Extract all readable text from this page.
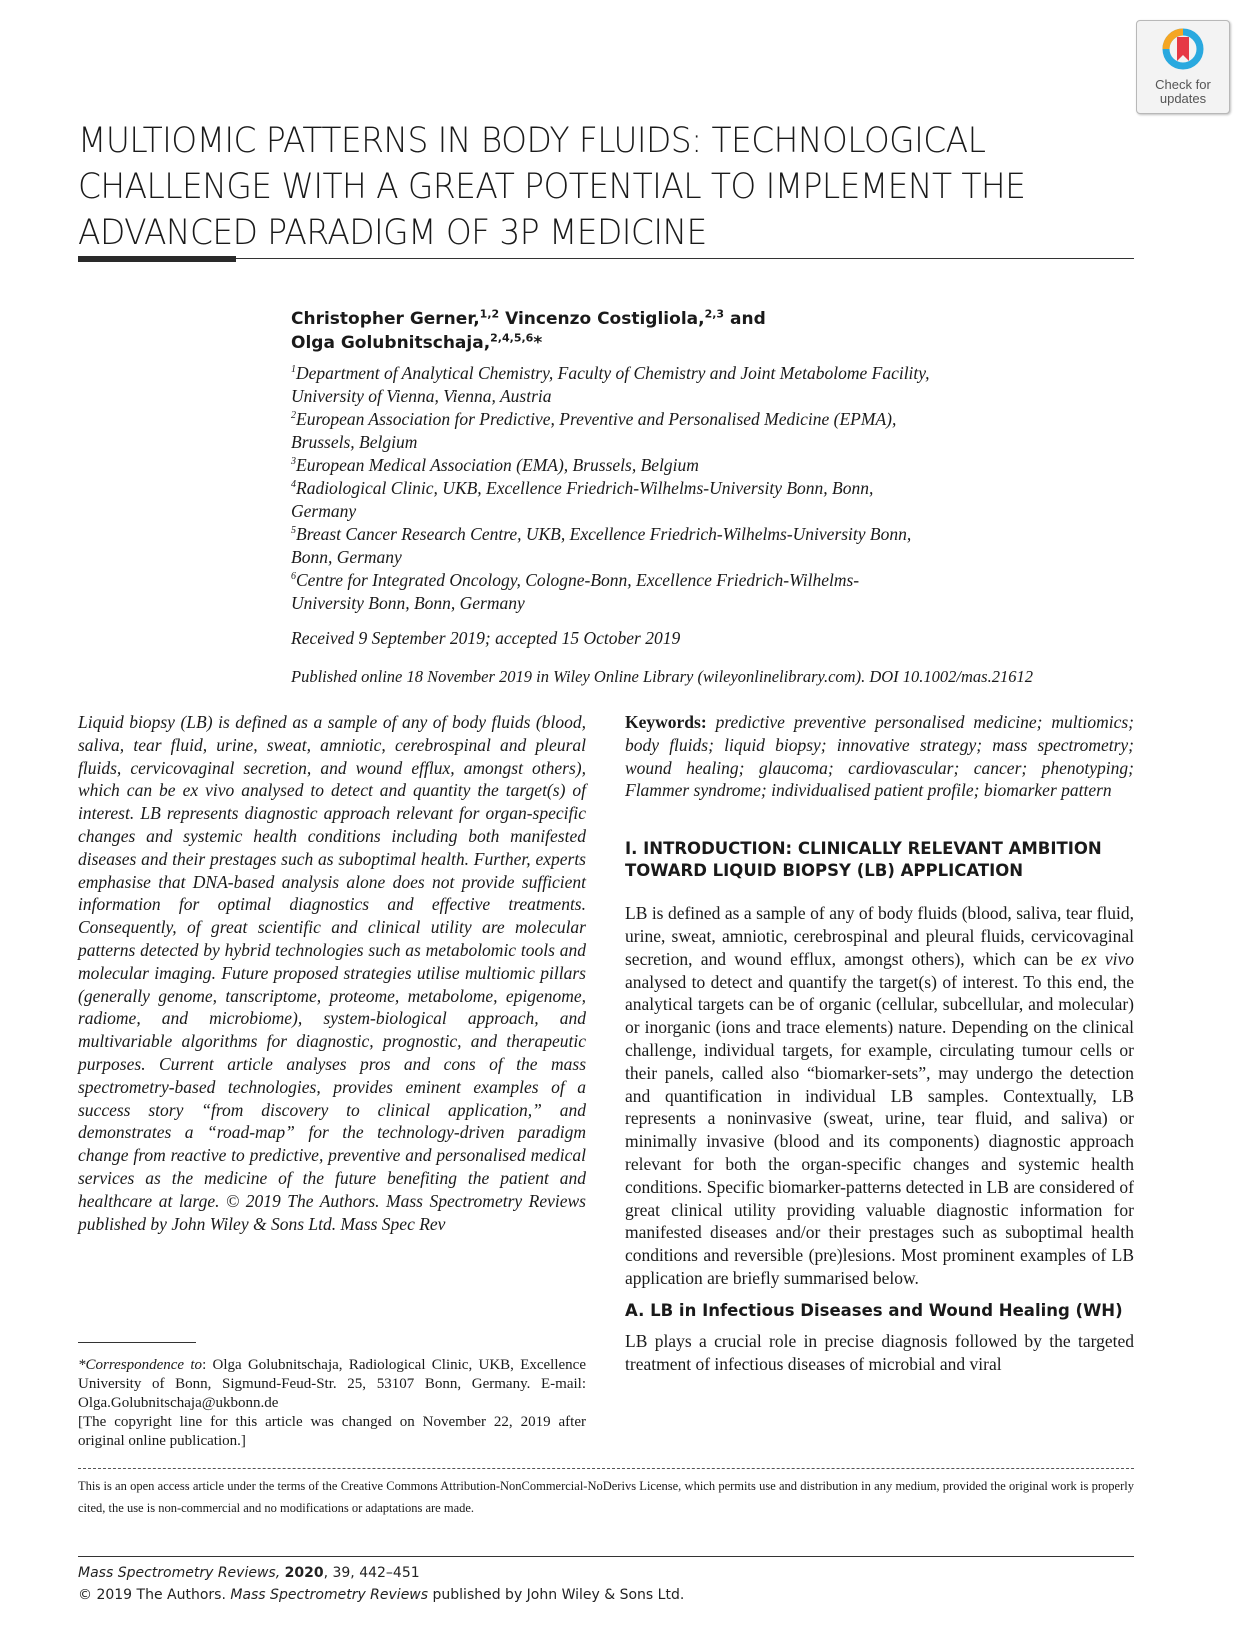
Check for
updates
MULTIOMIC PATTERNS IN BODY FLUIDS: TECHNOLOGICAL CHALLENGE WITH A GREAT POTENTIAL TO IMPLEMENT THE ADVANCED PARADIGM OF 3P MEDICINE
Christopher Gerner,$^{1,2}$ Vincenzo Costigliola,$^{2,3}$ and
Olga Golubnitschaja,$^{2,4,5,6}$*
$^1$Department of Analytical Chemistry, Faculty of Chemistry and Joint Metabolome Facility, University of Vienna, Vienna, Austria
$^2$European Association for Predictive, Preventive and Personalised Medicine (EPMA), Brussels, Belgium
$^3$European Medical Association (EMA), Brussels, Belgium
$^4$Radiological Clinic, UKB, Excellence Friedrich-Wilhelms-University Bonn, Bonn, Germany
$^5$Breast Cancer Research Centre, UKB, Excellence Friedrich-Wilhelms-University Bonn, Bonn, Germany
$^6$Centre for Integrated Oncology, Cologne-Bonn, Excellence Friedrich-Wilhelms-University Bonn, Bonn, Germany
Received 9 September 2019; accepted 15 October 2019
Published online 18 November 2019 in Wiley Online Library (wileyonlinelibrary.com). DOI 10.1002/mas.21612
Liquid biopsy (LB) is defined as a sample of any of body fluids (blood, saliva, tear fluid, urine, sweat, amniotic, cerebrospinal and pleural fluids, cervicovaginal secretion, and wound efflux, amongst others), which can be ex vivo analysed to detect and quantity the target(s) of interest. LB represents diagnostic approach relevant for organ-specific changes and systemic health conditions including both manifested diseases and their prestages such as suboptimal health. Further, experts emphasise that DNA-based analysis alone does not provide sufficient information for optimal diagnostics and effective treatments. Consequently, of great scientific and clinical utility are molecular patterns detected by hybrid technologies such as metabolomic tools and molecular imaging. Future proposed strategies utilise multiomic pillars (generally genome, tanscriptome, proteome, metabolome, epigenome, radiome, and microbiome), system-biological approach, and multivariable algorithms for diagnostic, prognostic, and therapeutic purposes. Current article analyses pros and cons of the mass spectrometry-based technologies, provides eminent examples of a success story “from discovery to clinical application,” and demonstrates a “road-map” for the technology-driven paradigm change from reactive to predictive, preventive and personalised medical services as the medicine of the future benefiting the patient and healthcare at large. © 2019 The Authors. Mass Spectrometry Reviews published by John Wiley & Sons Ltd. Mass Spec Rev
Keywords: predictive preventive personalised medicine; multiomics; body fluids; liquid biopsy; innovative strategy; mass spectrometry; wound healing; glaucoma; cardiovascular; cancer; phenotyping; Flammer syndrome; individualised patient profile; biomarker pattern
I. INTRODUCTION: CLINICALLY RELEVANT AMBITION TOWARD LIQUID BIOPSY (LB) APPLICATION

LB is defined as a sample of any of body fluids (blood, saliva, tear fluid, urine, sweat, amniotic, cerebrospinal and pleural fluids, cervicovaginal secretion, and wound efflux, amongst others), which can be ex vivo analysed to detect and quantify the target(s) of interest. To this end, the analytical targets can be of organic (cellular, subcellular, and molecular) or inorganic (ions and trace elements) nature. Depending on the clinical challenge, individual targets, for example, circulating tumour cells or their panels, called also “biomarker-sets”, may undergo the detection and quantification in individual LB samples. Contextually, LB represents a noninvasive (sweat, urine, tear fluid, and saliva) or minimally invasive (blood and its components) diagnostic approach relevant for both the organ-specific changes and systemic health conditions. Specific biomarker-patterns detected in LB are considered of great clinical utility providing valuable diagnostic information for manifested diseases and/or their prestages such as suboptimal health conditions and reversible (pre)lesions. Most prominent examples of LB application are briefly summarised below.

A. LB in Infectious Diseases and Wound Healing (WH)

LB plays a crucial role in precise diagnosis followed by the targeted treatment of infectious diseases of microbial and viral

*Correspondence to: Olga Golubnitschaja, Radiological Clinic, UKB, Excellence University of Bonn, Sigmund-Feud-Str. 25, 53107 Bonn, Germany. E-mail: Olga.Golubnitschaja@ukbonn.de

[The copyright line for this article was changed on November 22, 2019 after original online publication.]

This is an open access article under the terms of the Creative Commons Attribution-NonCommercial-NoDerivs License, which permits use and distribution in any medium, provided the original work is properly cited, the use is non-commercial and no modifications or adaptations are made.
Mass Spectrometry Reviews, 2020, 39, 442–451
© 2019 The Authors. Mass Spectrometry Reviews published by John Wiley & Sons Ltd.
